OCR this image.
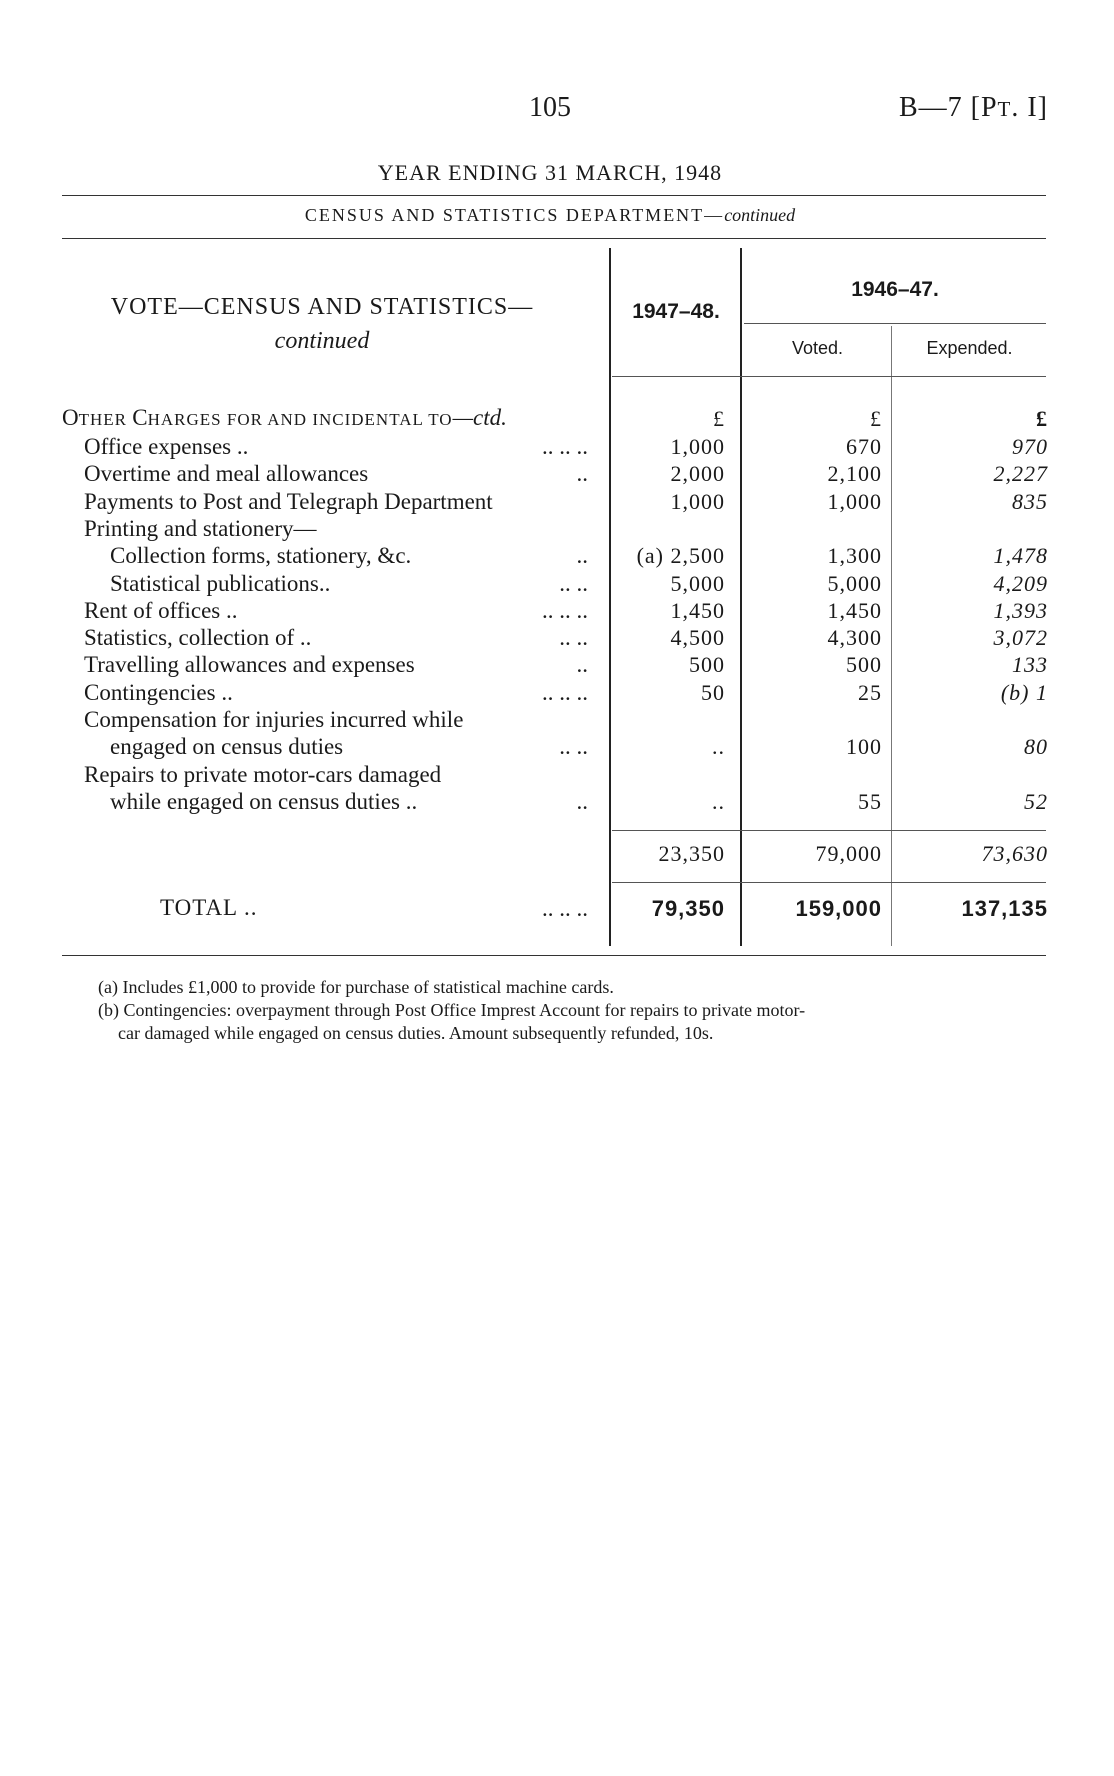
105	B—7 [PT. I]
YEAR ENDING 31 MARCH, 1948
CENSUS AND STATISTICS DEPARTMENT—continued
VOTE—CENSUS AND STATISTICS—
continued
1947–48.
1946–47.
Voted.	Expended.
OTHER CHARGES FOR AND INCIDENTAL TO—ctd.	£	£	£
Office expenses ..	.. .. ..	1,000	670	970
Overtime and meal allowances	..	2,000	2,100	2,227
Payments to Post and Telegraph Department	1,000	1,000	835
Printing and stationery—
Collection forms, stationery, &c.	..	(a) 2,500	1,300	1,478
Statistical publications..	.. ..	5,000	5,000	4,209
Rent of offices ..	.. .. ..	1,450	1,450	1,393
Statistics, collection of ..	.. ..	4,500	4,300	3,072
Travelling allowances and expenses	..	500	500	133
Contingencies ..	.. .. ..	50	25	(b) 1
Compensation for injuries incurred while
engaged on census duties	.. ..	..	100	80
Repairs to private motor-cars damaged
while engaged on census duties ..	..	..	55	52
23,350	79,000	73,630
TOTAL ..	.. .. ..	79,350	159,000	137,135
(a) Includes £1,000 to provide for purchase of statistical machine cards.
(b) Contingencies: overpayment through Post Office Imprest Account for repairs to private motor-
car damaged while engaged on census duties. Amount subsequently refunded, 10s.
